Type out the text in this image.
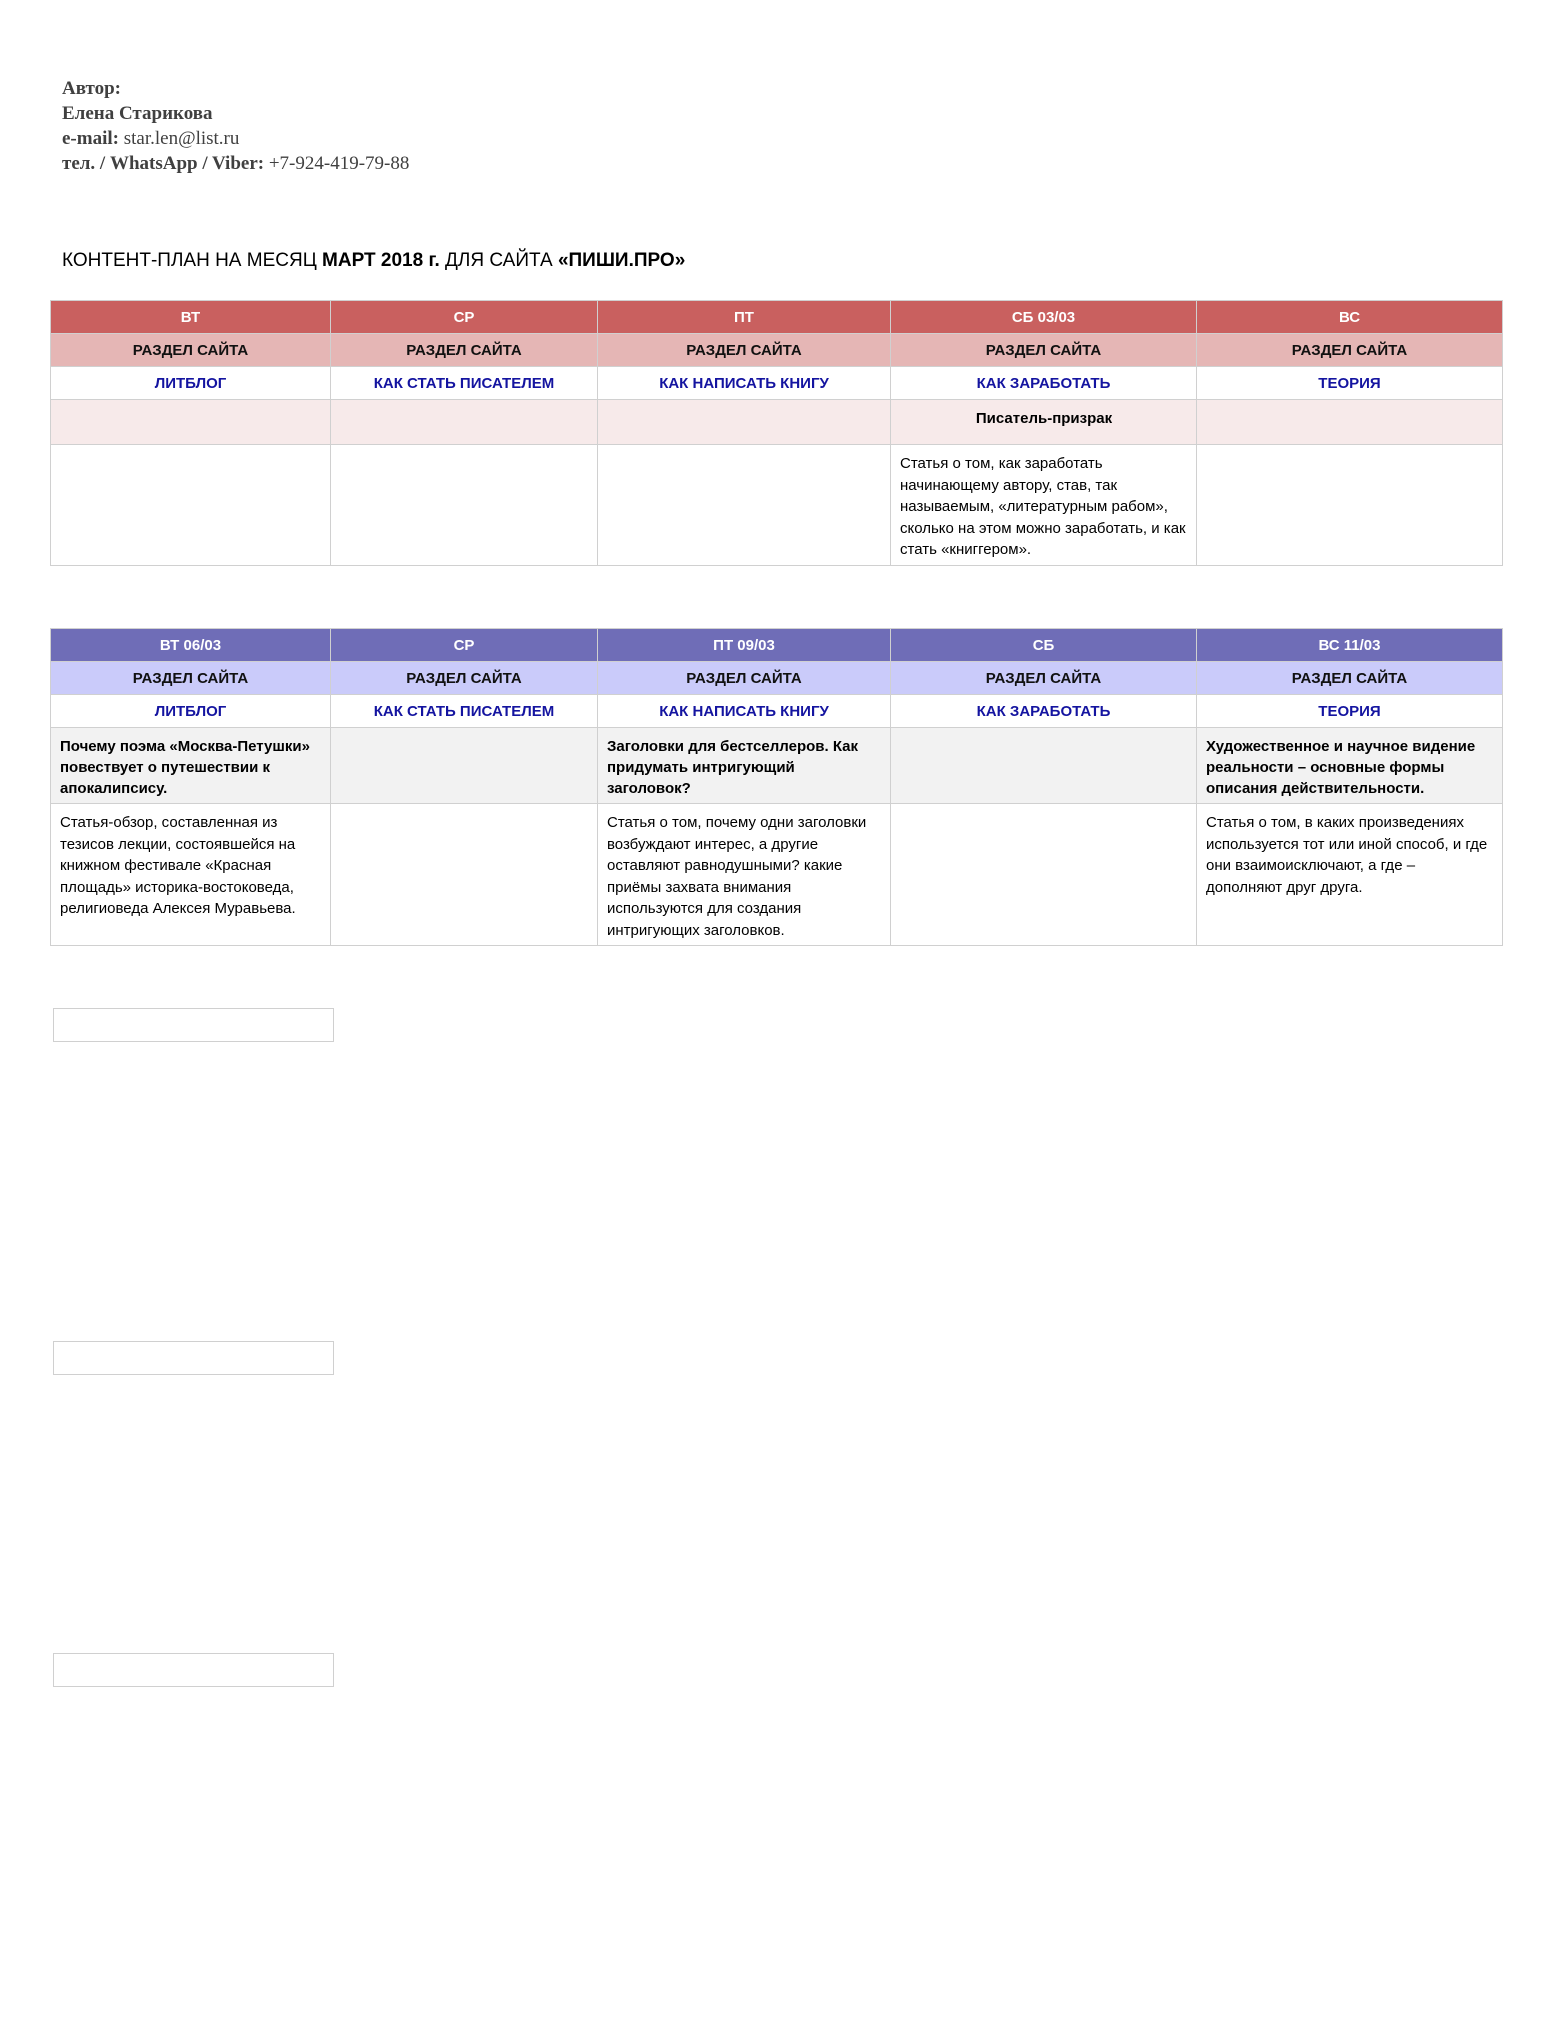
Автор:
Елена Старикова
e-mail: star.len@list.ru
тел. / WhatsApp / Viber: +7-924-419-79-88
КОНТЕНТ-ПЛАН НА МЕСЯЦ МАРТ 2018 г. ДЛЯ САЙТА «ПИШИ.ПРО»
ВТ	СР	ПТ	СБ 03/03	ВС
РАЗДЕЛ САЙТА	РАЗДЕЛ САЙТА	РАЗДЕЛ САЙТА	РАЗДЕЛ САЙТА	РАЗДЕЛ САЙТА
ЛИТБЛОГ	КАК СТАТЬ ПИСАТЕЛЕМ	КАК НАПИСАТЬ КНИГУ	КАК ЗАРАБОТАТЬ	ТЕОРИЯ
			Писатель-призрак	
			Статья о том, как заработать начинающему автору, став, так называемым, «литературным рабом», сколько на этом можно заработать, и как стать «книггером».	
ВТ 06/03	СР	ПТ 09/03	СБ	ВС 11/03
РАЗДЕЛ САЙТА	РАЗДЕЛ САЙТА	РАЗДЕЛ САЙТА	РАЗДЕЛ САЙТА	РАЗДЕЛ САЙТА
ЛИТБЛОГ	КАК СТАТЬ ПИСАТЕЛЕМ	КАК НАПИСАТЬ КНИГУ	КАК ЗАРАБОТАТЬ	ТЕОРИЯ
Почему поэма «Москва-Петушки» повествует о путешествии к апокалипсису.		Заголовки для бестселлеров. Как придумать интригующий заголовок?		Художественное и научное видение реальности – основные формы описания действительности.
Статья-обзор, составленная из тезисов лекции, состоявшейся на книжном фестивале «Красная площадь» историка-востоковеда, религиоведа Алексея Муравьева.		Статья о том, почему одни заголовки возбуждают интерес, а другие оставляют равнодушными? какие приёмы захвата внимания используются для создания интригующих заголовков.		Статья о том, в каких произведениях используется тот или иной способ, и где они взаимоисключают, а где – дополняют друг друга.
…
…
…
